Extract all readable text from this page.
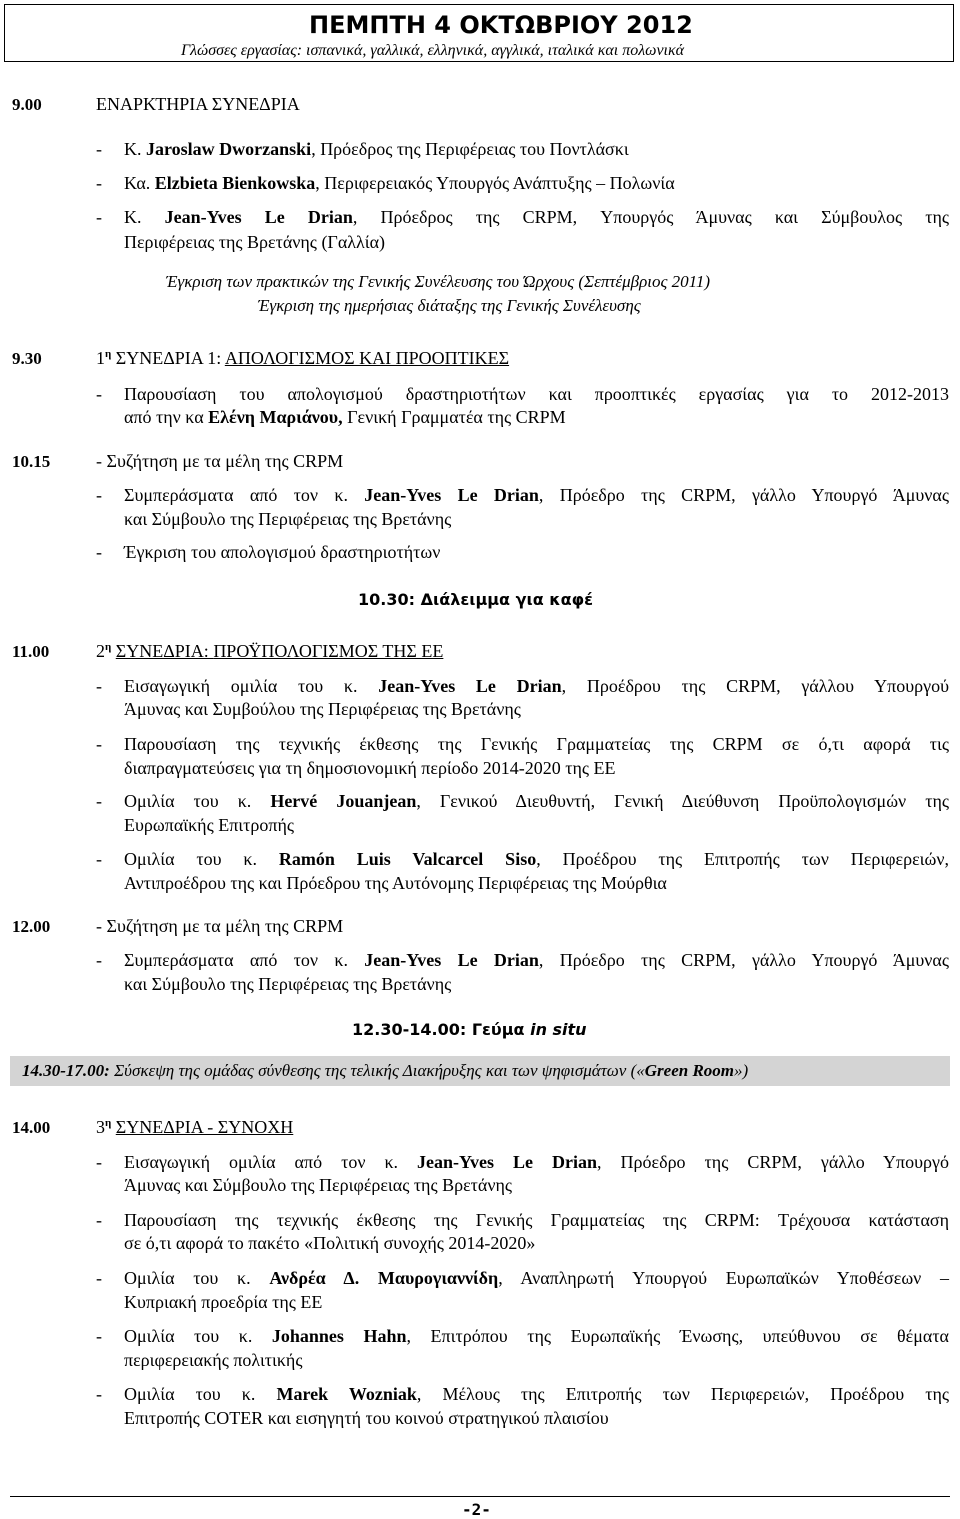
ΠΕΜΠΤΗ 4 ΟΚΤΩΒΡΙΟΥ 2012
Γλώσσες εργασίας: ισπανικά, γαλλικά, ελληνικά, αγγλικά, ιταλικά και πολωνικά
9.00	ΕΝΑΡΚΤΗΡΙΑ ΣΥΝΕΔΡΙΑ
- Κ. Jaroslaw Dworzanski, Πρόεδρος της Περιφέρειας του Ποντλάσκι
- Κα. Elzbieta Bienkowska, Περιφερειακός Υπουργός Ανάπτυξης – Πολωνία
- Κ. Jean-Yves Le Drian, Πρόεδρος της CRPM, Υπουργός Άμυνας και Σύμβουλος της
Περιφέρειας της Βρετάνης (Γαλλία)
Έγκριση των πρακτικών της Γενικής Συνέλευσης του Ώρχους (Σεπτέμβριος 2011)
Έγκριση της ημερήσιας διάταξης της Γενικής Συνέλευσης
9.30	$1^\eta$ ΣΥΝΕΔΡΙΑ 1: ΑΠΟΛΟΓΙΣΜΟΣ ΚΑΙ ΠΡΟΟΠΤΙΚΕΣ
- Παρουσίαση του απολογισμού δραστηριοτήτων και προοπτικές εργασίας για το 2012-2013
από την κα Ελένη Μαριάνου, Γενική Γραμματέα της CRPM
10.15	- Συζήτηση με τα μέλη της CRPM
- Συμπεράσματα από τον κ. Jean-Yves Le Drian, Πρόεδρο της CRPM, γάλλο Υπουργό Άμυνας
και Σύμβουλο της Περιφέρειας της Βρετάνης
- Έγκριση του απολογισμού δραστηριοτήτων
10.30: Διάλειμμα για καφέ
11.00	$2^\eta$ ΣΥΝΕΔΡΙΑ: ΠΡΟΫΠΟΛΟΓΙΣΜΟΣ ΤΗΣ ΕΕ
- Εισαγωγική ομιλία του κ. Jean-Yves Le Drian, Προέδρου της CRPM, γάλλου Υπουργού
Άμυνας και Συμβούλου της Περιφέρειας της Βρετάνης
- Παρουσίαση της τεχνικής έκθεσης της Γενικής Γραμματείας της CRPM σε ό,τι αφορά τις
διαπραγματεύσεις για τη δημοσιονομική περίοδο 2014-2020 της ΕΕ
- Ομιλία του κ. Hervé Jouanjean, Γενικού Διευθυντή, Γενική Διεύθυνση Προϋπολογισμών της
Ευρωπαϊκής Επιτροπής
- Ομιλία του κ. Ramón Luis Valcarcel Siso, Προέδρου της Επιτροπής των Περιφερειών,
Αντιπροέδρου της και Πρόεδρου της Αυτόνομης Περιφέρειας της Μούρθια
12.00	- Συζήτηση με τα μέλη της CRPM
- Συμπεράσματα από τον κ. Jean-Yves Le Drian, Πρόεδρο της CRPM, γάλλο Υπουργό Άμυνας
και Σύμβουλο της Περιφέρειας της Βρετάνης
12.30-14.00: Γεύμα in situ
14.30-17.00: Σύσκεψη της ομάδας σύνθεσης της τελικής Διακήρυξης και των ψηφισμάτων («Green Room»)
14.00	$3^\eta$ ΣΥΝΕΔΡΙΑ - ΣΥΝΟΧΗ
- Εισαγωγική ομιλία από τον κ. Jean-Yves Le Drian, Πρόεδρο της CRPM, γάλλο Υπουργό
Άμυνας και Σύμβουλο της Περιφέρειας της Βρετάνης
- Παρουσίαση της τεχνικής έκθεσης της Γενικής Γραμματείας της CRPM: Τρέχουσα κατάσταση
σε ό,τι αφορά το πακέτο «Πολιτική συνοχής 2014-2020»
- Ομιλία του κ. Ανδρέα Δ. Μαυρογιαννίδη, Αναπληρωτή Υπουργού Ευρωπαϊκών Υποθέσεων –
Κυπριακή προεδρία της ΕΕ
- Ομιλία του κ. Johannes Hahn, Επιτρόπου της Ευρωπαϊκής Ένωσης, υπεύθυνου σε θέματα
περιφερειακής πολιτικής
- Ομιλία του κ. Marek Wozniak, Μέλους της Επιτροπής των Περιφερειών, Προέδρου της
Επιτροπής COTER και εισηγητή του κοινού στρατηγικού πλαισίου
-2-
